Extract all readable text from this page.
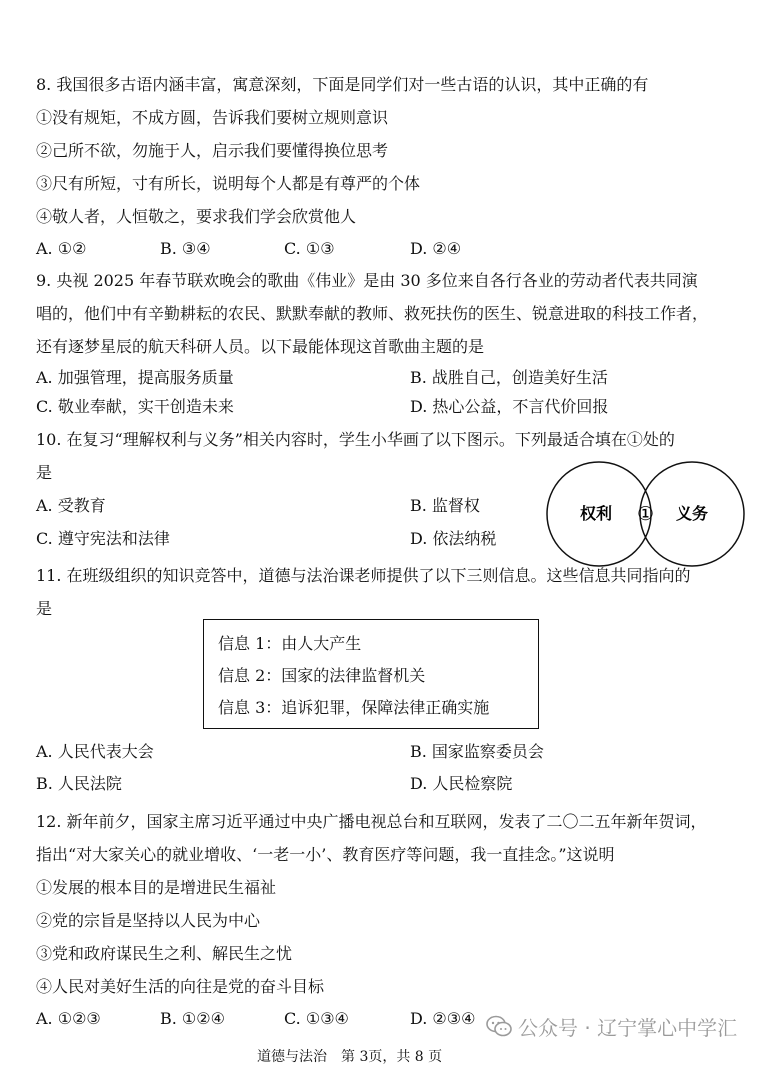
8. 我国很多古语内涵丰富，寓意深刻，下面是同学们对一些古语的认识，其中正确的有
①没有规矩，不成方圆，告诉我们要树立规则意识
②己所不欲，勿施于人，启示我们要懂得换位思考
③尺有所短，寸有所长，说明每个人都是有尊严的个体
④敬人者，人恒敬之，要求我们学会欣赏他人
A. ①②	B. ③④	C. ①③	D. ②④
9. 央视 2025 年春节联欢晚会的歌曲《伟业》是由 30 多位来自各行各业的劳动者代表共同演
唱的，他们中有辛勤耕耘的农民、默默奉献的教师、救死扶伤的医生、锐意进取的科技工作者，
还有逐梦星辰的航天科研人员。以下最能体现这首歌曲主题的是
A. 加强管理，提高服务质量	B. 战胜自己，创造美好生活
C. 敬业奉献，实干创造未来	D. 热心公益，不言代价回报
10. 在复习“理解权利与义务”相关内容时，学生小华画了以下图示。下列最适合填在①处的
是
A. 受教育	B. 监督权
C. 遵守宪法和法律	D. 依法纳税
权利 ① 义务
11. 在班级组织的知识竞答中，道德与法治课老师提供了以下三则信息。这些信息共同指向的
是
信息 1：由人大产生
信息 2：国家的法律监督机关
信息 3：追诉犯罪，保障法律正确实施
A. 人民代表大会	B. 国家监察委员会
B. 人民法院	D. 人民检察院
12. 新年前夕，国家主席习近平通过中央广播电视总台和互联网，发表了二〇二五年新年贺词，
指出“对大家关心的就业增收、‘一老一小’、教育医疗等问题，我一直挂念。”这说明
①发展的根本目的是增进民生福祉
②党的宗旨是坚持以人民为中心
③党和政府谋民生之利、解民生之忧
④人民对美好生活的向往是党的奋斗目标
A. ①②③	B. ①②④	C. ①③④	D. ②③④
道德与法治　第 3页，共 8 页
公众号 · 辽宁掌心中学汇
